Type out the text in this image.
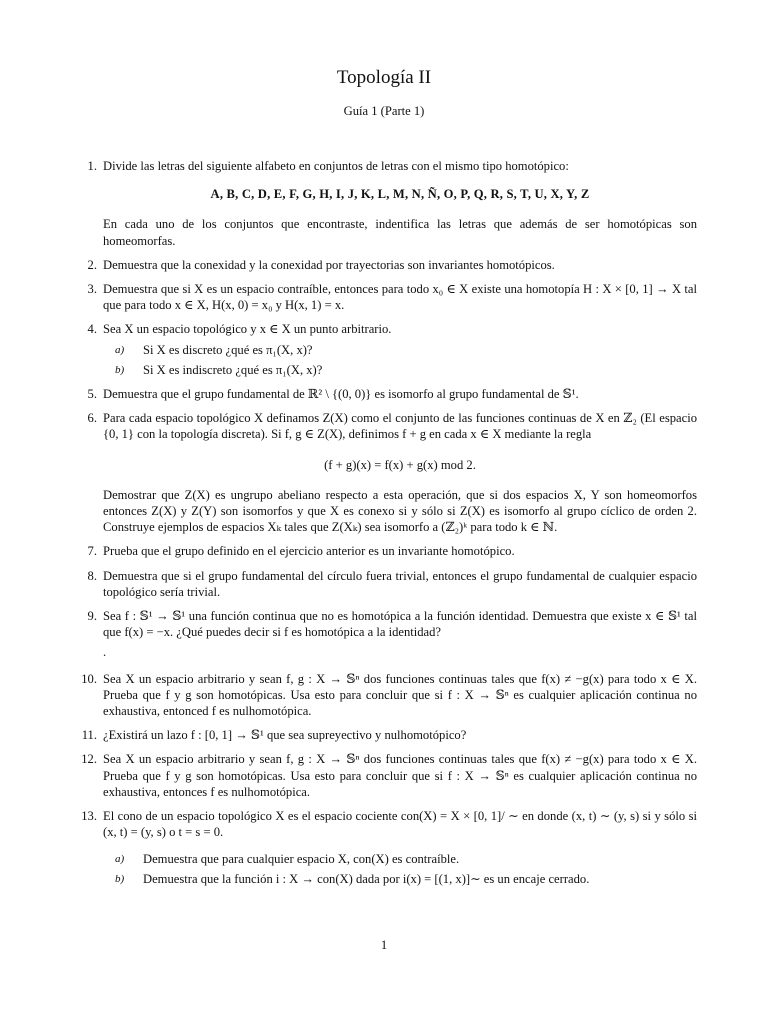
Topología II
Guía 1 (Parte 1)
1. Divide las letras del siguiente alfabeto en conjuntos de letras con el mismo tipo homotópico:
A, B, C, D, E, F, G, H, I, J, K, L, M, N, Ñ, O, P, Q, R, S, T, U, X, Y, Z
En cada uno de los conjuntos que encontraste, indentifica las letras que además de ser homotópicas son homeomorfas.
2. Demuestra que la conexidad y la conexidad por trayectorias son invariantes homotópicos.
3. Demuestra que si X es un espacio contraíble, entonces para todo x₀ ∈ X existe una homotopía H : X × [0, 1] → X tal que para todo x ∈ X, H(x, 0) = x₀ y H(x, 1) = x.
4. Sea X un espacio topológico y x ∈ X un punto arbitrario.
a) Si X es discreto ¿qué es π₁(X, x)?
b) Si X es indiscreto ¿qué es π₁(X, x)?
5. Demuestra que el grupo fundamental de ℝ² \ {(0, 0)} es isomorfo al grupo fundamental de 𝕊¹.
6. Para cada espacio topológico X definamos Z(X) como el conjunto de las funciones continuas de X en ℤ₂ (El espacio {0, 1} con la topología discreta). Si f, g ∈ Z(X), definimos f + g en cada x ∈ X mediante la regla
(f + g)(x) = f(x) + g(x) mod 2.
Demostrar que Z(X) es ungrupo abeliano respecto a esta operación, que si dos espacios X, Y son homeomorfos entonces Z(X) y Z(Y) son isomorfos y que X es conexo si y sólo si Z(X) es isomorfo al grupo cíclico de orden 2. Construye ejemplos de espacios Xₖ tales que Z(Xₖ) sea isomorfo a (ℤ₂)ᵏ para todo k ∈ ℕ.
7. Prueba que el grupo definido en el ejercicio anterior es un invariante homotópico.
8. Demuestra que si el grupo fundamental del círculo fuera trivial, entonces el grupo fundamental de cualquier espacio topológico sería trivial.
9. Sea f : 𝕊¹ → 𝕊¹ una función continua que no es homotópica a la función identidad. Demuestra que existe x ∈ 𝕊¹ tal que f(x) = −x. ¿Qué puedes decir si f es homotópica a la identidad?
.
10. Sea X un espacio arbitrario y sean f, g : X → 𝕊ⁿ dos funciones continuas tales que f(x) ≠ −g(x) para todo x ∈ X. Prueba que f y g son homotópicas. Usa esto para concluir que si f : X → 𝕊ⁿ es cualquier aplicación continua no exhaustiva, entonced f es nulhomotópica.
11. ¿Existirá un lazo f : [0, 1] → 𝕊¹ que sea supreyectivo y nulhomotópico?
12. Sea X un espacio arbitrario y sean f, g : X → 𝕊ⁿ dos funciones continuas tales que f(x) ≠ −g(x) para todo x ∈ X. Prueba que f y g son homotópicas. Usa esto para concluir que si f : X → 𝕊ⁿ es cualquier aplicación continua no exhaustiva, entonces f es nulhomotópica.
13. El cono de un espacio topológico X es el espacio cociente con(X) = X × [0, 1]/ ∼ en donde (x, t) ∼ (y, s) si y sólo si (x, t) = (y, s) o t = s = 0.
a) Demuestra que para cualquier espacio X, con(X) es contraíble.
b) Demuestra que la función i : X → con(X) dada por i(x) = [(1, x)]∼ es un encaje cerrado.
1
